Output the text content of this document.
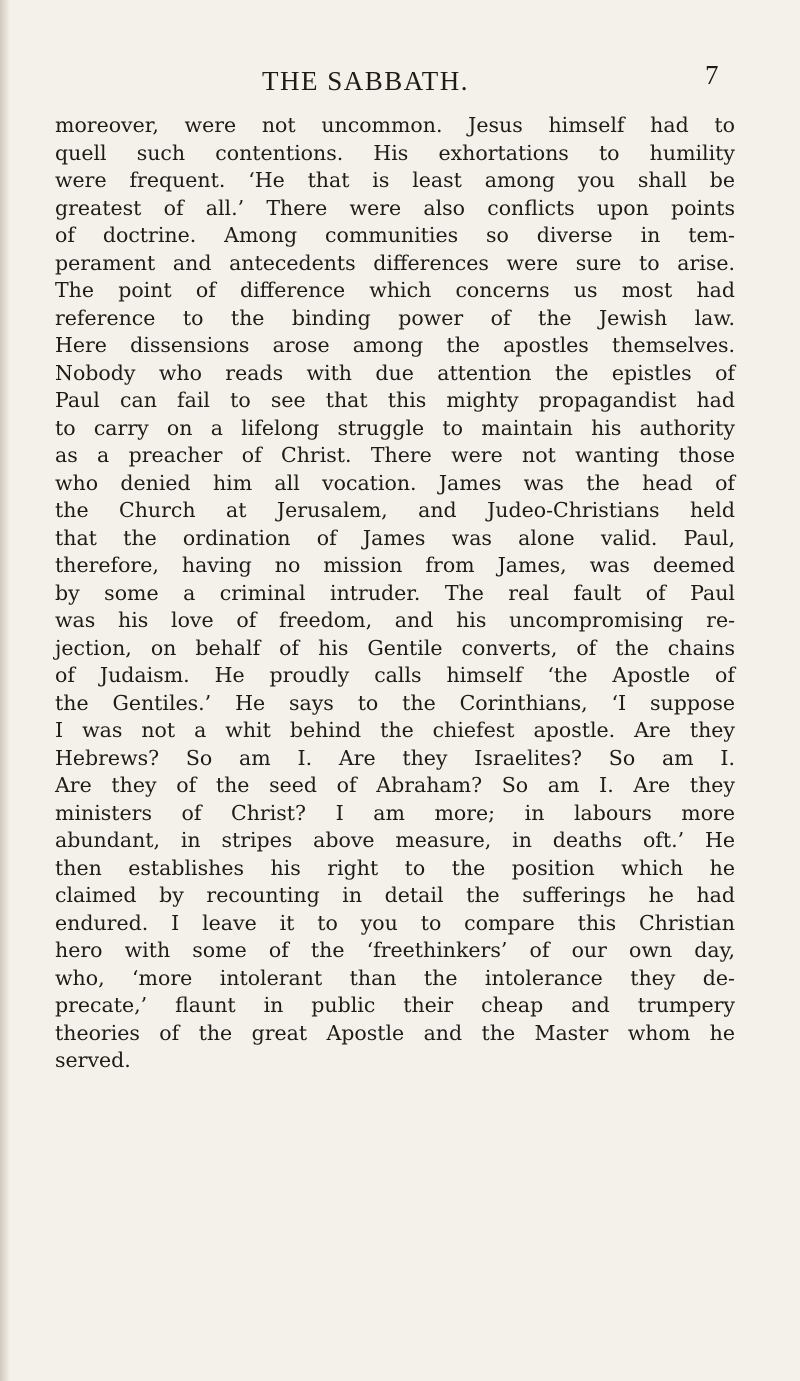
THE SABBATH.	7
moreover, were not uncommon. Jesus himself had to
quell such contentions. His exhortations to humility
were frequent. ‘He that is least among you shall be
greatest of all.’ There were also conflicts upon points
of doctrine. Among communities so diverse in tem-
perament and antecedents differences were sure to arise.
The point of difference which concerns us most had
reference to the binding power of the Jewish law.
Here dissensions arose among the apostles themselves.
Nobody who reads with due attention the epistles of
Paul can fail to see that this mighty propagandist had
to carry on a lifelong struggle to maintain his authority
as a preacher of Christ. There were not wanting those
who denied him all vocation. James was the head of
the Church at Jerusalem, and Judeo-Christians held
that the ordination of James was alone valid. Paul,
therefore, having no mission from James, was deemed
by some a criminal intruder. The real fault of Paul
was his love of freedom, and his uncompromising re-
jection, on behalf of his Gentile converts, of the chains
of Judaism. He proudly calls himself ‘the Apostle of
the Gentiles.’ He says to the Corinthians, ‘I suppose
I was not a whit behind the chiefest apostle. Are they
Hebrews? So am I. Are they Israelites? So am I.
Are they of the seed of Abraham? So am I. Are they
ministers of Christ? I am more; in labours more
abundant, in stripes above measure, in deaths oft.’ He
then establishes his right to the position which he
claimed by recounting in detail the sufferings he had
endured. I leave it to you to compare this Christian
hero with some of the ‘freethinkers’ of our own day,
who, ‘more intolerant than the intolerance they de-
precate,’ flaunt in public their cheap and trumpery
theories of the great Apostle and the Master whom he
served.
